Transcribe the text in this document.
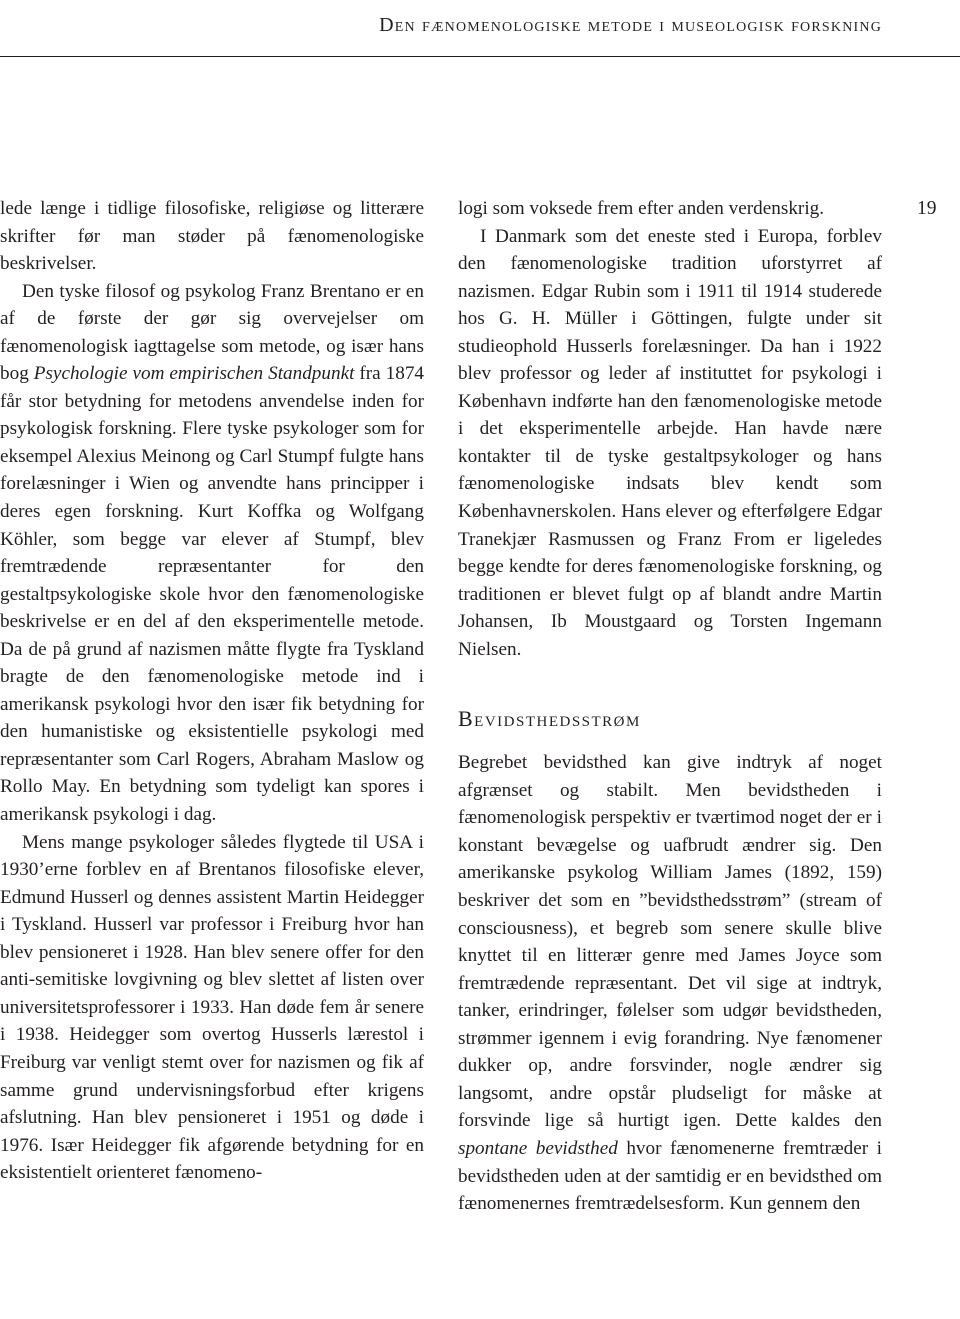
Den fænomenologiske metode i museologisk forskning

lede længe i tidlige filosofiske, religiøse og litterære skrifter før man støder på fænomenologiske beskrivelser.

Den tyske filosof og psykolog Franz Brentano er en af de første der gør sig overvejelser om fænomenologisk iagttagelse som metode, og især hans bog Psychologie vom empirischen Standpunkt fra 1874 får stor betydning for metodens anvendelse inden for psykologisk forskning. Flere tyske psykologer som for eksempel Alexius Meinong og Carl Stumpf fulgte hans forelæsninger i Wien og anvendte hans principper i deres egen forskning. Kurt Koffka og Wolfgang Köhler, som begge var elever af Stumpf, blev fremtrædende repræsentanter for den gestaltpsykologiske skole hvor den fænomenologiske beskrivelse er en del af den eksperimentelle metode. Da de på grund af nazismen måtte flygte fra Tyskland bragte de den fænomenologiske metode ind i amerikansk psykologi hvor den især fik betydning for den humanistiske og eksistentielle psykologi med repræsentanter som Carl Rogers, Abraham Maslow og Rollo May. En betydning som tydeligt kan spores i amerikansk psykologi i dag.

Mens mange psykologer således flygtede til USA i 1930’erne forblev en af Brentanos filosofiske elever, Edmund Husserl og dennes assistent Martin Heidegger i Tyskland. Husserl var professor i Freiburg hvor han blev pensioneret i 1928. Han blev senere offer for den anti-semitiske lovgivning og blev slettet af listen over universitetsprofessorer i 1933. Han døde fem år senere i 1938. Heidegger som overtog Husserls lærestol i Freiburg var venligt stemt over for nazismen og fik af samme grund undervisningsforbud efter krigens afslutning. Han blev pensioneret i 1951 og døde i 1976. Især Heidegger fik afgørende betydning for en eksistentielt orienteret fænomeno-

logi som voksede frem efter anden verdenskrig.

I Danmark som det eneste sted i Europa, forblev den fænomenologiske tradition uforstyrret af nazismen. Edgar Rubin som i 1911 til 1914 studerede hos G. H. Müller i Göttingen, fulgte under sit studieophold Husserls forelæsninger. Da han i 1922 blev professor og leder af instituttet for psykologi i København indførte han den fænomenologiske metode i det eksperimentelle arbejde. Han havde nære kontakter til de tyske gestaltpsykologer og hans fænomenologiske indsats blev kendt som Københavnerskolen. Hans elever og efterfølgere Edgar Tranekjær Rasmussen og Franz From er ligeledes begge kendte for deres fænomenologiske forskning, og traditionen er blevet fulgt op af blandt andre Martin Johansen, Ib Moustgaard og Torsten Ingemann Nielsen.

Bevidsthedsstrøm

Begrebet bevidsthed kan give indtryk af noget afgrænset og stabilt. Men bevidstheden i fænomenologisk perspektiv er tværtimod noget der er i konstant bevægelse og uafbrudt ændrer sig. Den amerikanske psykolog William James (1892, 159) beskriver det som en ”bevidsthedsstrøm” (stream of consciousness), et begreb som senere skulle blive knyttet til en litterær genre med James Joyce som fremtrædende repræsentant. Det vil sige at indtryk, tanker, erindringer, følelser som udgør bevidstheden, strømmer igennem i evig forandring. Nye fænomener dukker op, andre forsvinder, nogle ændrer sig langsomt, andre opstår pludseligt for måske at forsvinde lige så hurtigt igen. Dette kaldes den spontane bevidsthed hvor fænomenerne fremtræder i bevidstheden uden at der samtidig er en bevidsthed om fænomenernes fremtrædelsesform. Kun gennem den

19
